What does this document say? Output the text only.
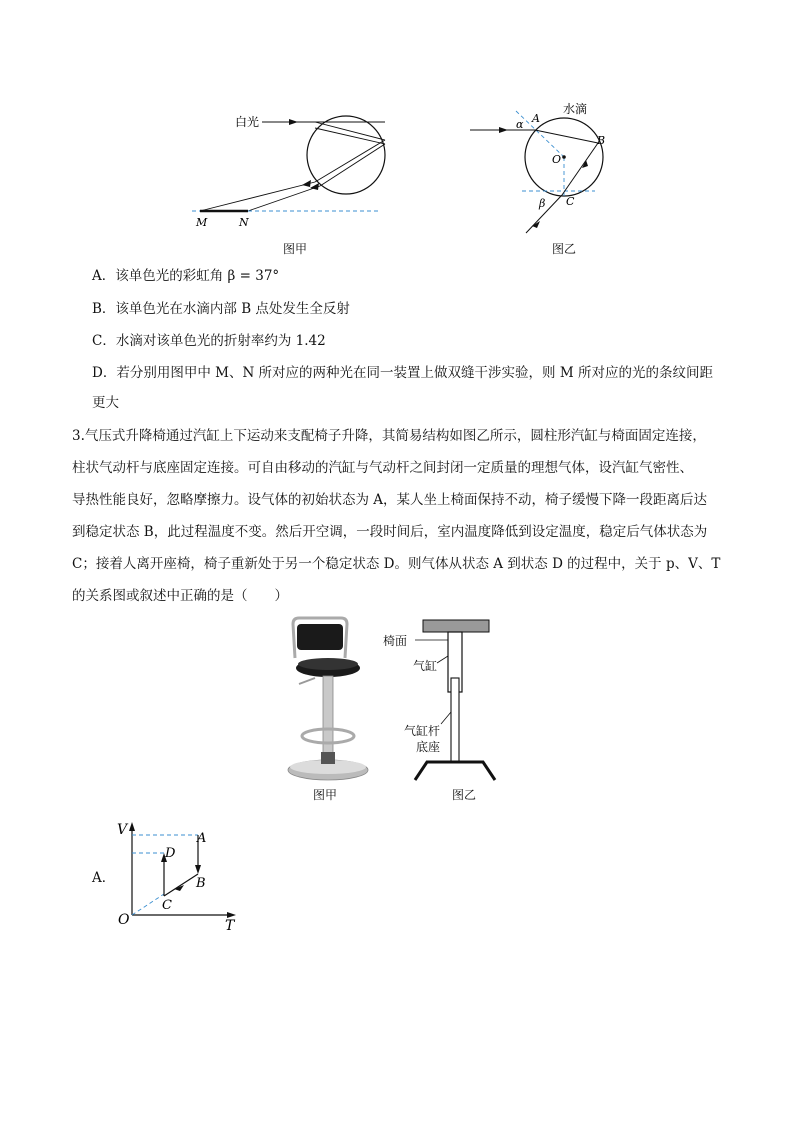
白光
M	N
图甲
水滴
O
A
B
C
α
β
图乙
A．该单色光的彩虹角 β = 37°
B．该单色光在水滴内部 B 点处发生全反射
C．水滴对该单色光的折射率约为 1.42
D．若分别用图甲中 M、N 所对应的两种光在同一装置上做双缝干涉实验，则 M 所对应的光的条纹间距
更大
3.气压式升降椅通过汽缸上下运动来支配椅子升降，其简易结构如图乙所示，圆柱形汽缸与椅面固定连接，
柱状气动杆与底座固定连接。可自由移动的汽缸与气动杆之间封闭一定质量的理想气体，设汽缸气密性、
导热性能良好，忽略摩擦力。设气体的初始状态为 A，某人坐上椅面保持不动，椅子缓慢下降一段距离后达
到稳定状态 B，此过程温度不变。然后开空调，一段时间后，室内温度降低到设定温度，稳定后气体状态为
C；接着人离开座椅，椅子重新处于另一个稳定状态 D。则气体从状态 A 到状态 D 的过程中，关于 p、V、T
的关系图或叙述中正确的是（　　）
图甲
椅面
气缸
气缸杆
底座
图乙
A．
V
T
O
A
B
C
D
